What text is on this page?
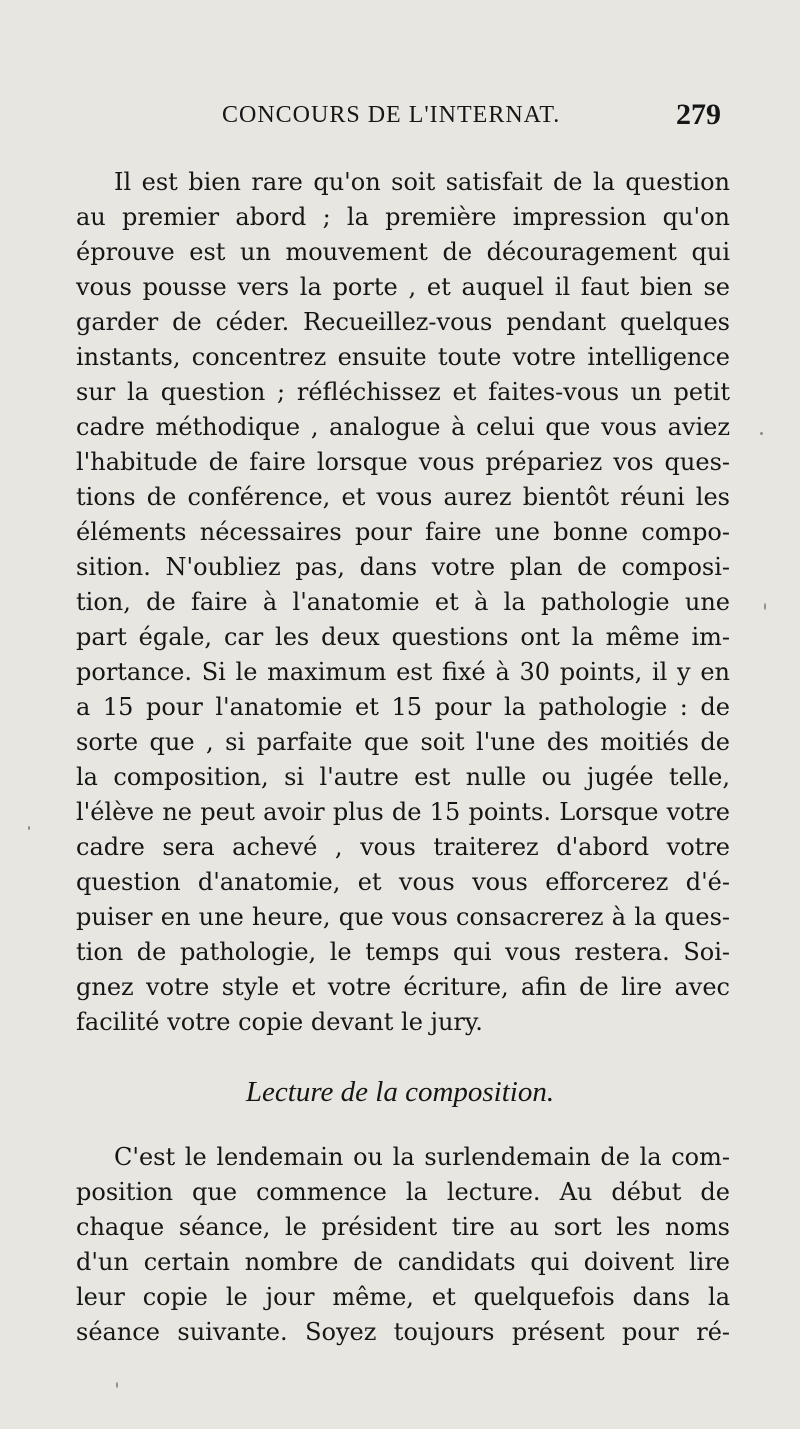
CONCOURS DE L'INTERNAT.	279
Il est bien rare qu'on soit satisfait de la question
au premier abord ; la première impression qu'on
éprouve est un mouvement de découragement qui
vous pousse vers la porte , et auquel il faut bien se
garder de céder. Recueillez-vous pendant quelques
instants, concentrez ensuite toute votre intelligence
sur la question ; réfléchissez et faites-vous un petit
cadre méthodique , analogue à celui que vous aviez
l'habitude de faire lorsque vous prépariez vos ques-
tions de conférence, et vous aurez bientôt réuni les
éléments nécessaires pour faire une bonne compo-
sition. N'oubliez pas, dans votre plan de composi-
tion, de faire à l'anatomie et à la pathologie une
part égale, car les deux questions ont la même im-
portance. Si le maximum est fixé à 30 points, il y en
a 15 pour l'anatomie et 15 pour la pathologie : de
sorte que , si parfaite que soit l'une des moitiés de
la composition, si l'autre est nulle ou jugée telle,
l'élève ne peut avoir plus de 15 points. Lorsque votre
cadre sera achevé , vous traiterez d'abord votre
question d'anatomie, et vous vous efforcerez d'é-
puiser en une heure, que vous consacrerez à la ques-
tion de pathologie, le temps qui vous restera. Soi-
gnez votre style et votre écriture, afin de lire avec
facilité votre copie devant le jury.
Lecture de la composition.
C'est le lendemain ou la surlendemain de la com-
position que commence la lecture. Au début de
chaque séance, le président tire au sort les noms
d'un certain nombre de candidats qui doivent lire
leur copie le jour même, et quelquefois dans la
séance suivante. Soyez toujours présent pour ré-
